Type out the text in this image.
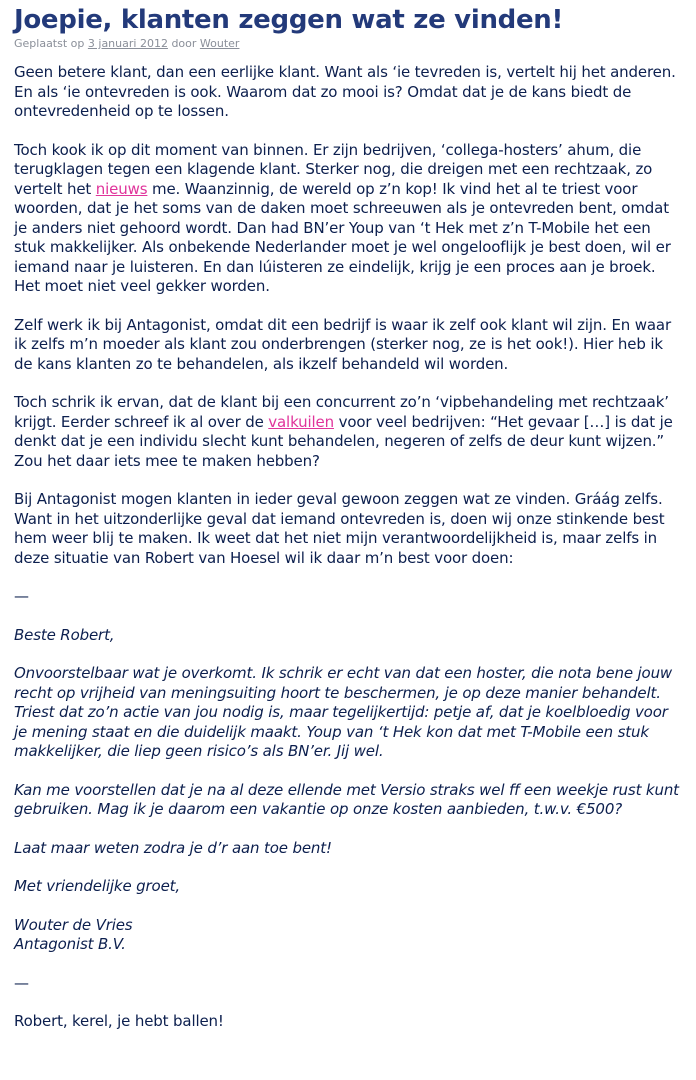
Joepie, klanten zeggen wat ze vinden!
Geplaatst op 3 januari 2012 door Wouter

Geen betere klant, dan een eerlijke klant. Want als ‘ie tevreden is, vertelt hij het anderen. En als ‘ie ontevreden is ook. Waarom dat zo mooi is? Omdat dat je de kans biedt de ontevredenheid op te lossen.

Toch kook ik op dit moment van binnen. Er zijn bedrijven, ‘collega-hosters’ ahum, die terugklagen tegen een klagende klant. Sterker nog, die dreigen met een rechtzaak, zo vertelt het nieuws me. Waanzinnig, de wereld op z’n kop! Ik vind het al te triest voor woorden, dat je het soms van de daken moet schreeuwen als je ontevreden bent, omdat je anders niet gehoord wordt. Dan had BN’er Youp van ‘t Hek met z’n T-Mobile het een stuk makkelijker. Als onbekende Nederlander moet je wel ongelooflijk je best doen, wil er iemand naar je luisteren. En dan lúisteren ze eindelijk, krijg je een proces aan je broek. Het moet niet veel gekker worden.

Zelf werk ik bij Antagonist, omdat dit een bedrijf is waar ik zelf ook klant wil zijn. En waar ik zelfs m’n moeder als klant zou onderbrengen (sterker nog, ze is het ook!). Hier heb ik de kans klanten zo te behandelen, als ikzelf behandeld wil worden.

Toch schrik ik ervan, dat de klant bij een concurrent zo’n ‘vipbehandeling met rechtzaak’ krijgt. Eerder schreef ik al over de valkuilen voor veel bedrijven: “Het gevaar […] is dat je denkt dat je een individu slecht kunt behandelen, negeren of zelfs de deur kunt wijzen.” Zou het daar iets mee te maken hebben?

Bij Antagonist mogen klanten in ieder geval gewoon zeggen wat ze vinden. Gráág zelfs. Want in het uitzonderlijke geval dat iemand ontevreden is, doen wij onze stinkende best hem weer blij te maken. Ik weet dat het niet mijn verantwoordelijkheid is, maar zelfs in deze situatie van Robert van Hoesel wil ik daar m’n best voor doen:

—

Beste Robert,

Onvoorstelbaar wat je overkomt. Ik schrik er echt van dat een hoster, die nota bene jouw recht op vrijheid van meningsuiting hoort te beschermen, je op deze manier behandelt. Triest dat zo’n actie van jou nodig is, maar tegelijkertijd: petje af, dat je koelbloedig voor je mening staat en die duidelijk maakt. Youp van ‘t Hek kon dat met T-Mobile een stuk makkelijker, die liep geen risico’s als BN’er. Jij wel.

Kan me voorstellen dat je na al deze ellende met Versio straks wel ff een weekje rust kunt gebruiken. Mag ik je daarom een vakantie op onze kosten aanbieden, t.w.v. €500?

Laat maar weten zodra je d’r aan toe bent!

Met vriendelijke groet,

Wouter de Vries
Antagonist B.V.

—

Robert, kerel, je hebt ballen!
